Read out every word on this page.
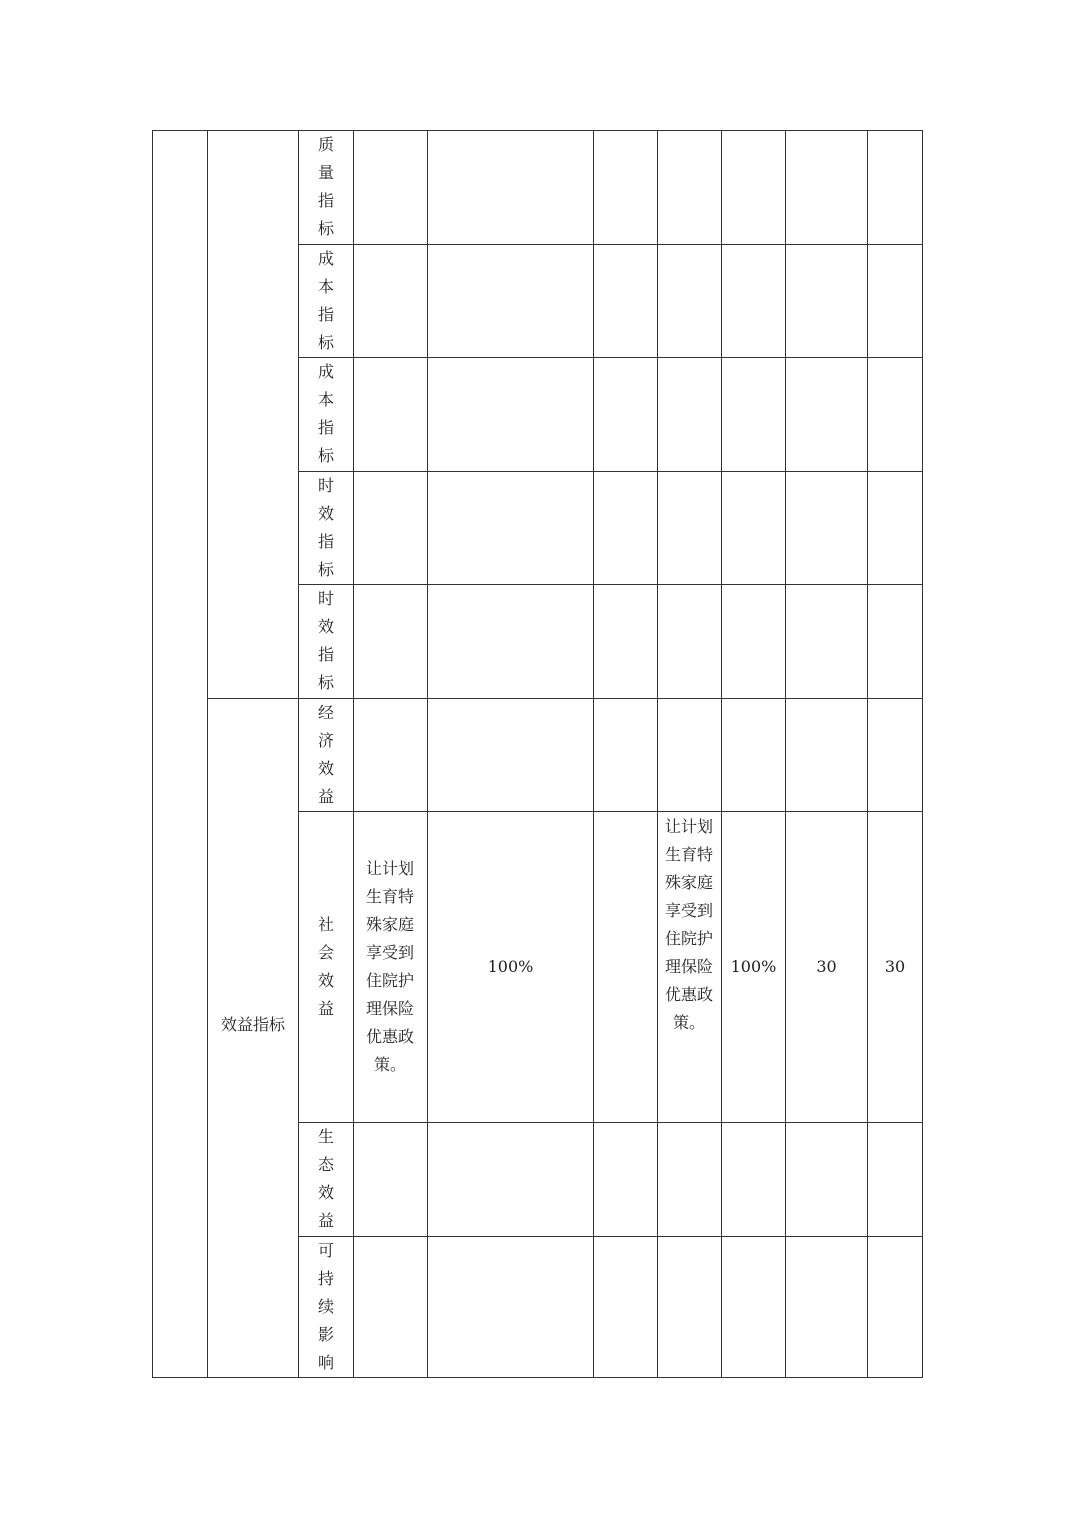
质量指标
成本指标
成本指标
时效指标
时效指标
经济效益
社会效益
生态效益
可持续影响
效益指标
让计划生育特殊家庭享受到住院护理保险优惠政策。
100%
让计划生育特殊家庭享受到住院护理保险优惠政策。
100%	30	30
